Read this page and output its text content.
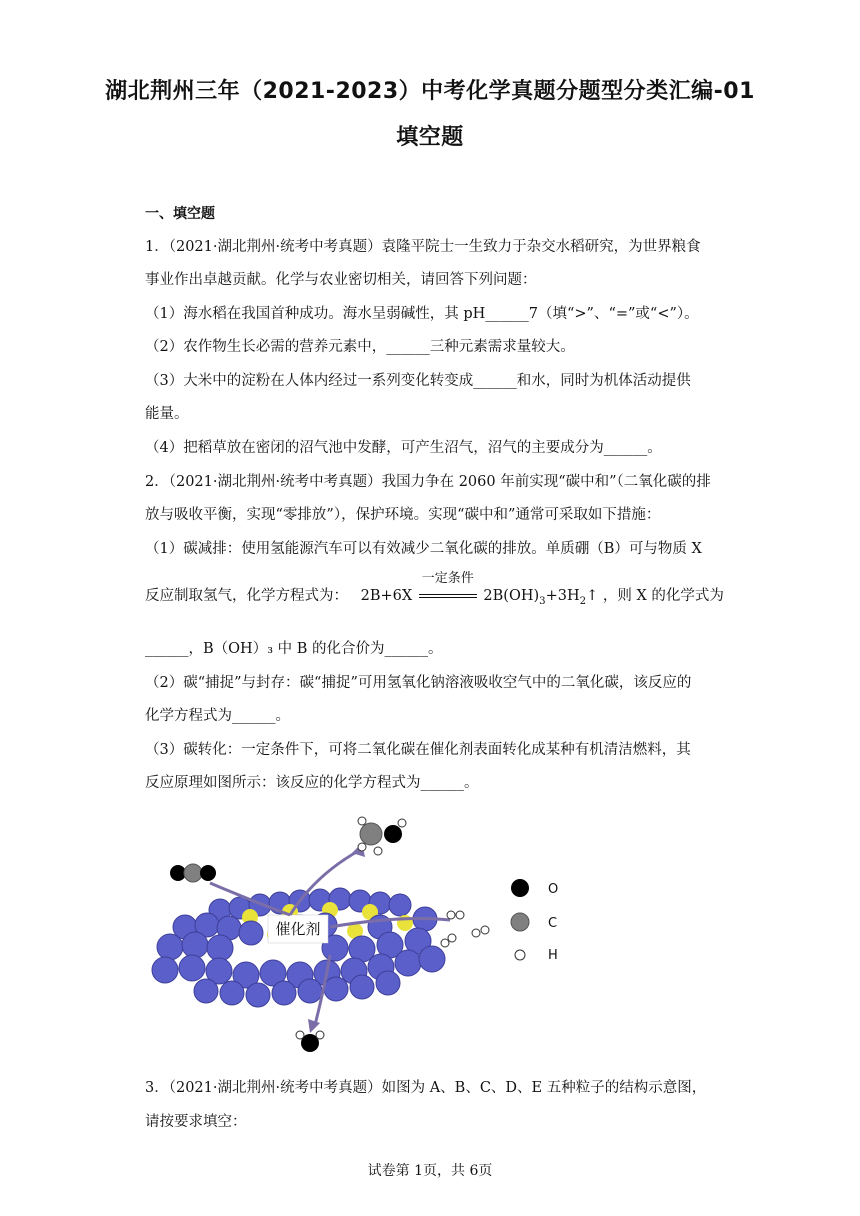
湖北荆州三年（2021-2023）中考化学真题分题型分类汇编-01
填空题
一、填空题
1．（2021·湖北荆州·统考中考真题）袁隆平院士一生致力于杂交水稻研究，为世界粮食
事业作出卓越贡献。化学与农业密切相关，请回答下列问题：
（1）海水稻在我国首种成功。海水呈弱碱性，其 pH______7（填“>”、“=”或“<”）。
（2）农作物生长必需的营养元素中，______三种元素需求量较大。
（3）大米中的淀粉在人体内经过一系列变化转变成______和水，同时为机体活动提供
能量。
（4）把稻草放在密闭的沼气池中发酵，可产生沼气，沼气的主要成分为______。
2．（2021·湖北荆州·统考中考真题）我国力争在 2060 年前实现“碳中和”（二氧化碳的排
放与吸收平衡，实现“零排放”），保护环境。实现“碳中和”通常可采取如下措施：
（1）碳减排：使用氢能源汽车可以有效减少二氧化碳的排放。单质硼（B）可与物质 X
反应制取氢气，化学方程式为： 2B+6X
一定条件
$2B(OH)_3+3H_2↑$ ，则 X 的化学式为
______，B（OH）₃ 中 B 的化合价为______。
（2）碳“捕捉”与封存：碳“捕捉”可用氢氧化钠溶液吸收空气中的二氧化碳，该反应的
化学方程式为______。
（3）碳转化：一定条件下，可将二氧化碳在催化剂表面转化成某种有机清洁燃料，其
反应原理如图所示：该反应的化学方程式为______。
催化剂
O
C
H
3．（2021·湖北荆州·统考中考真题）如图为 A、B、C、D、E 五种粒子的结构示意图，
请按要求填空：
试卷第 1页，共 6页
